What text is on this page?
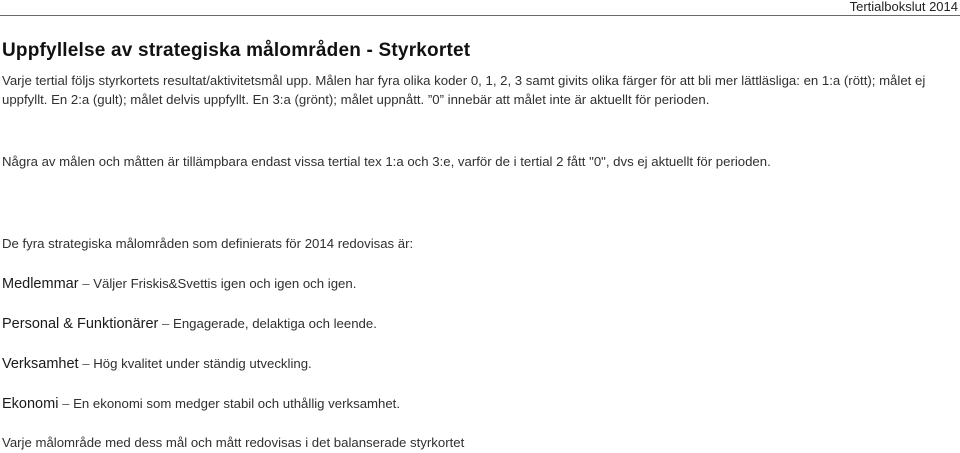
Tertialbokslut 2014
Uppfyllelse av strategiska målområden - Styrkortet

Varje tertial följs styrkortets resultat/aktivitetsmål upp. Målen har fyra olika koder 0, 1, 2, 3 samt givits olika färger för att bli mer lättläsliga: en 1:a (rött); målet ej uppfyllt. En 2:a (gult); målet delvis uppfyllt. En 3:a (grönt); målet uppnått. ”0” innebär att målet inte är aktuellt för perioden.

Några av målen och måtten är tillämpbara endast vissa tertial tex 1:a och 3:e, varför de i tertial 2 fått "0", dvs ej aktuellt för perioden.

De fyra strategiska målområden som definierats för 2014 redovisas är:

Medlemmar – Väljer Friskis&Svettis igen och igen och igen.

Personal & Funktionärer – Engagerade, delaktiga och leende.

Verksamhet – Hög kvalitet under ständig utveckling.

Ekonomi – En ekonomi som medger stabil och uthållig verksamhet.

Varje målområde med dess mål och mått redovisas i det balanserade styrkortet
